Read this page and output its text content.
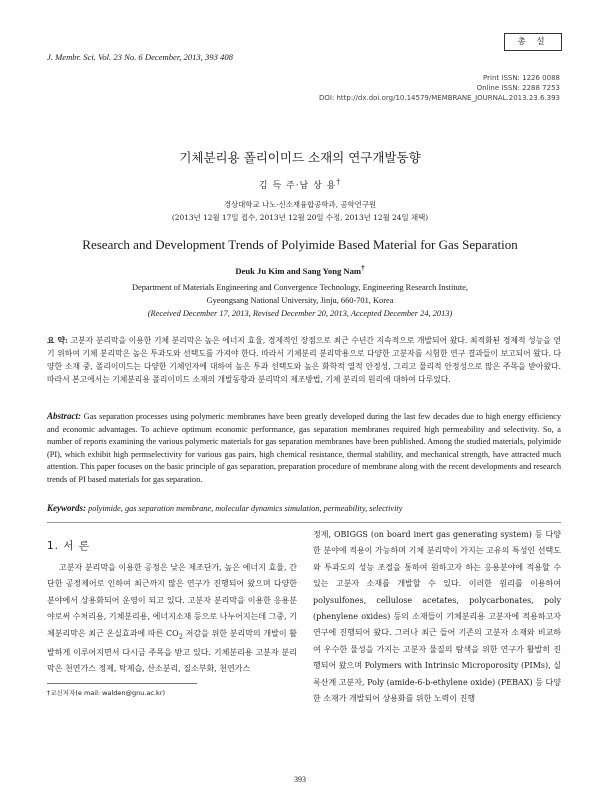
J. Membr. Sci. Vol. 23 No. 6 December, 2013, 393 408
총 설
Print ISSN: 1226 0088
Online ISSN: 2288 7253
DOI: http://dx.doi.org/10.14579/MEMBRANE_JOURNAL.2013.23.6.393
기체분리용 폴리이미드 소재의 연구개발동향
김 득 주·남 상 용†
경상대학교 나노·신소재융합공학과, 공학연구원
(2013년 12월 17일 접수, 2013년 12월 20일 수정, 2013년 12월 24일 채택)
Research and Development Trends of Polyimide Based Material for Gas Separation
Deuk Ju Kim and Sang Yong Nam†
Department of Materials Engineering and Convergence Technology, Engineering Research Institute,
Gyeongsang National University, Jinju, 660-701, Korea
(Received December 17, 2013, Revised December 20, 2013, Accepted December 24, 2013)
요 약: 고분자 분리막을 이용한 기체 분리막은 높은 에너지 효율, 경제적인 장점으로 최근 수년간 지속적으로 개발되어 왔다. 최적화된 경제적 성능을 얻기 위하여 기체 분리막은 높은 투과도와 선택도를 가져야 한다. 따라서 기체분리 분리막용으로 다양한 고분자를 시험한 연구 결과들이 보고되어 왔다. 다양한 소재 중, 폴리이미드는 다양한 기체인자에 대하여 높은 투과 선택도와 높은 화학적 열적 안정성, 그리고 물리적 안정성으로 많은 주목을 받아왔다. 따라서 본고에서는 기체분리용 폴리이미드 소재의 개발동향과 분리막의 제조방법, 기체 분리의 원리에 대하여 다루었다.
Abstract: Gas separation processes using polymeric membranes have been greatly developed during the last few decades due to high energy efficiency and economic advantages. To achieve optimum economic performance, gas separation membranes required high permeability and selectivity. So, a number of reports examining the various polymeric materials for gas separation membranes have been published. Among the studied materials, polyimide (PI), which exhibit high permselectivity for various gas pairs, high chemical resistance, thermal stability, and mechanical strength, have attracted much attention. This paper focuses on the basic principle of gas separation, preparation procedure of membrane along with the recent developments and research trends of PI based materials for gas separation.
Keywords: polyimide, gas separation membrane, molecular dynamics simulation, permeability, selectivity
1. 서 론
고분자 분리막을 이용한 공정은 낮은 제조단가, 높은 에너지 효율, 간단한 공정제어로 인하여 최근까지 많은 연구가 진행되어 왔으며 다양한 분야에서 상용화되어 운영이 되고 있다. 고분자 분리막을 이용한 응용분야로써 수처리용, 기체분리용, 에너지소재 등으로 나누어지는데 그중, 기체분리막은 최근 온실효과에 따른 $CO_2$ 저감을 위한 분리막의 개발이 활발하게 이루어지면서 다시금 주목을 받고 있다. 기체분리용 고분자 분리막은 천연가스 정제, 탁제습, 산소분리, 질소부화, 천연가스
정제, OBIGGS (on board inert gas generating system) 등 다양한 분야에 적용이 가능하며 기체 분리막이 가지는 고유의 특성인 선택도와 투과도의 성능 조절을 통하여 원하고자 하는 응용분야에 적용할 수 있는 고분자 소재를 개발할 수 있다. 이러한 원리를 이용하여 polysulfones, cellulose acetates, polycarbonates, poly (phenylene oxides) 등의 소재들이 기체분리용 고분자에 적용하고자 연구에 진행되어 왔다. 그러나 최근 들어 기존의 고분자 소재와 비교하여 우수한 물성을 가지는 고분자 물질의 탐색을 위한 연구가 활발히 진행되어 왔으며 Polymers with Intrinsic Microporosity (PIMs), 실록산계 고분자, Poly (amide-6-b-ethylene oxide) (PEBAX) 등 다양한 소재가 개발되어 상용화를 위한 노력이 진행
†교신저자(e mail: walden@gnu.ac.kr)
393
